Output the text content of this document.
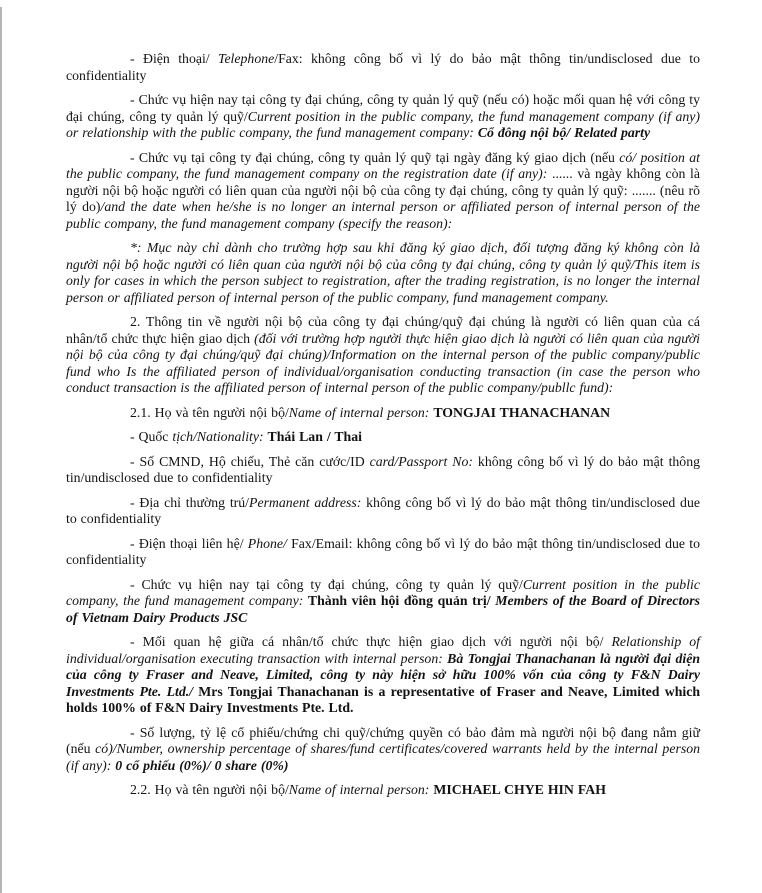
- Điện thoại/ Telephone/Fax: không công bố vì lý do bảo mật thông tin/undisclosed due to confidentiality

- Chức vụ hiện nay tại công ty đại chúng, công ty quản lý quỹ (nếu có) hoặc mối quan hệ với công ty đại chúng, công ty quản lý quỹ/Current position in the public company, the fund management company (if any) or relationship with the public company, the fund management company: Cổ đông nội bộ/ Related party

- Chức vụ tại công ty đại chúng, công ty quản lý quỹ tại ngày đăng ký giao dịch (nếu có/ position at the public company, the fund management company on the registration date (if any): ...... và ngày không còn là người nội bộ hoặc người có liên quan của người nội bộ của công ty đại chúng, công ty quản lý quỹ: ....... (nêu rõ lý do)/and the date when he/she is no longer an internal person or affiliated person of internal person of the public company, the fund management company (specify the reason):

*: Mục này chỉ dành cho trường hợp sau khi đăng ký giao dịch, đối tượng đăng ký không còn là người nội bộ hoặc người có liên quan của người nội bộ của công ty đại chúng, công ty quản lý quỹ/This item is only for cases in which the person subject to registration, after the trading registration, is no longer the internal person or affiliated person of internal person of the public company, fund management company.

2. Thông tin về người nội bộ của công ty đại chúng/quỹ đại chúng là người có liên quan của cá nhân/tổ chức thực hiện giao dịch (đối với trường hợp người thực hiện giao dịch là người có liên quan của người nội bộ của công ty đại chúng/quỹ đại chúng)/Information on the internal person of the public company/public fund who Is the affiliated person of individual/organisation conducting transaction (in case the person who conduct transaction is the affiliated person of internal person of the public company/publlc fund):

2.1. Họ và tên người nội bộ/Name of internal person: TONGJAI THANACHANAN

- Quốc tịch/Nationality: Thái Lan / Thai

- Số CMND, Hộ chiếu, Thẻ căn cước/ID card/Passport No: không công bố vì lý do bảo mật thông tin/undisclosed due to confidentiality

- Địa chỉ thường trú/Permanent address: không công bố vì lý do bảo mật thông tin/undisclosed due to confidentiality

- Điện thoại liên hệ/ Phone/ Fax/Email: không công bố vì lý do bảo mật thông tin/undisclosed due to confidentiality

- Chức vụ hiện nay tại công ty đại chúng, công ty quản lý quỹ/Current position in the public company, the fund management company: Thành viên hội đồng quản trị/ Members of the Board of Directors of Vietnam Dairy Products JSC

- Mối quan hệ giữa cá nhân/tổ chức thực hiện giao dịch với người nội bộ/ Relationship of individual/organisation executing transaction with internal person: Bà Tongjai Thanachanan là người đại diện của công ty Fraser and Neave, Limited, công ty này hiện sở hữu 100% vốn của công ty F&N Dairy Investments Pte. Ltd./ Mrs Tongjai Thanachanan is a representative of Fraser and Neave, Limited which holds 100% of F&N Dairy Investments Pte. Ltd.

- Số lượng, tỷ lệ cổ phiếu/chứng chi quỹ/chứng quyền có bảo đảm mà người nội bộ đang nắm giữ (nếu có)/Number, ownership percentage of shares/fund certificates/covered warrants held by the internal person (if any): 0 cổ phiếu (0%)/ 0 share (0%)

2.2. Họ và tên người nội bộ/Name of internal person: MICHAEL CHYE HIN FAH
